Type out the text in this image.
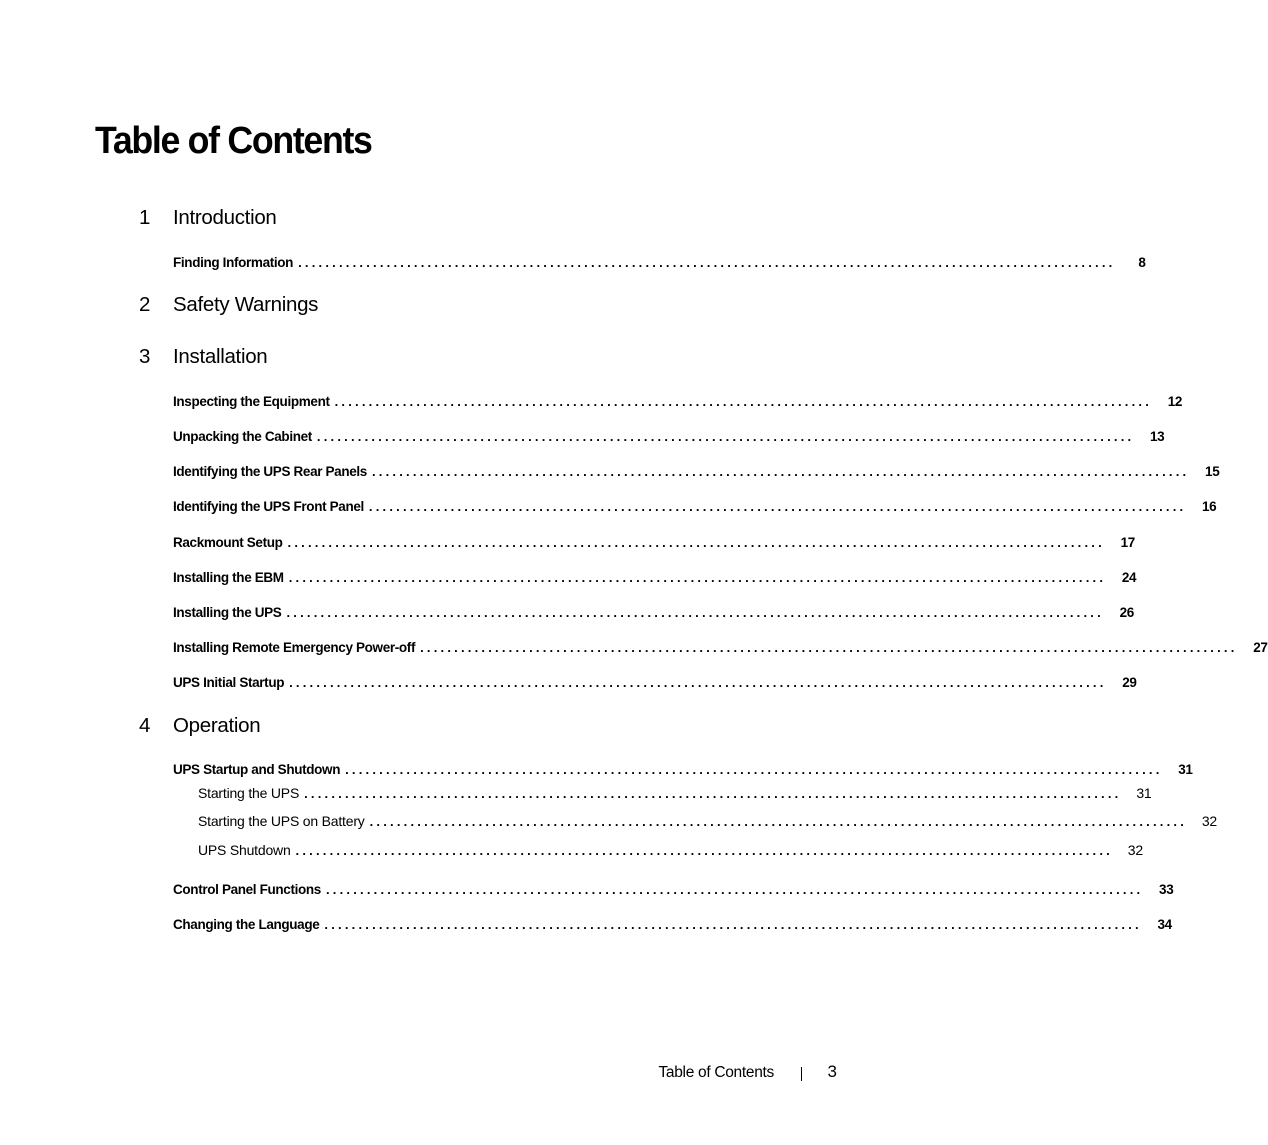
Table of Contents
1	Introduction
Finding Information ........................................................................................................................	8
2	Safety Warnings
3	Installation
Inspecting the Equipment ........................................................................................................................ 12
Unpacking the Cabinet ........................................................................................................................ 13
Identifying the UPS Rear Panels ........................................................................................................................ 15
Identifying the UPS Front Panel ........................................................................................................................ 16
Rackmount Setup ........................................................................................................................ 17
Installing the EBM ........................................................................................................................ 24
Installing the UPS ........................................................................................................................ 26
Installing Remote Emergency Power-off ........................................................................................................................ 27
UPS Initial Startup ........................................................................................................................ 29
4	Operation
UPS Startup and Shutdown ........................................................................................................................ 31
Starting the UPS ........................................................................................................................ 31
Starting the UPS on Battery ........................................................................................................................ 32
UPS Shutdown ........................................................................................................................ 32
Control Panel Functions ........................................................................................................................ 33
Changing the Language ........................................................................................................................ 34
Table of Contents	3
